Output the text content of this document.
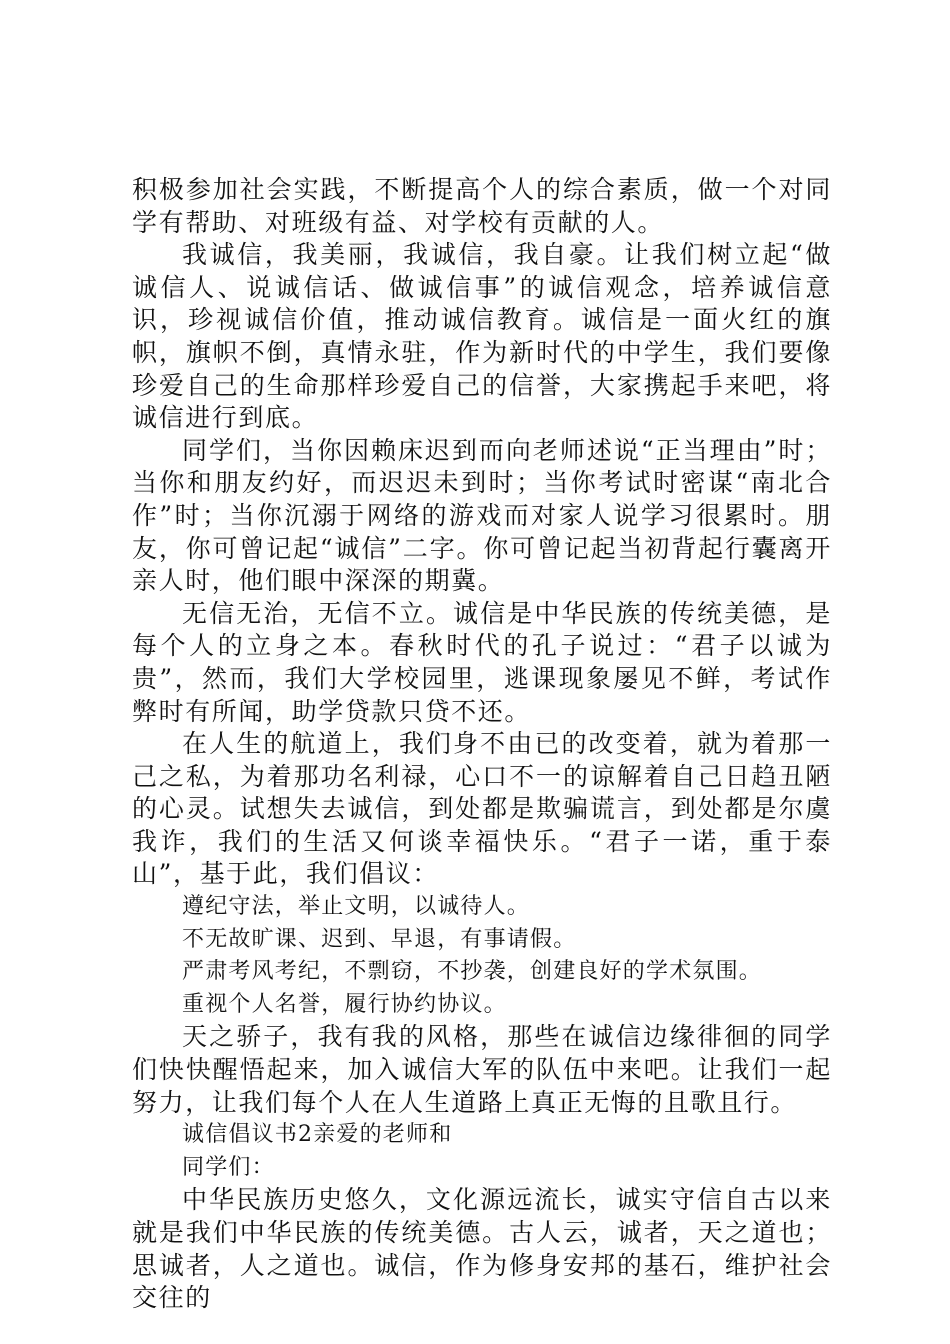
积极参加社会实践，不断提高个人的综合素质，做一个对同学有帮助、对班级有益、对学校有贡献的人。

我诚信，我美丽，我诚信，我自豪。让我们树立起“做诚信人、说诚信话、做诚信事”的诚信观念，培养诚信意识，珍视诚信价值，推动诚信教育。诚信是一面火红的旗帜，旗帜不倒，真情永驻，作为新时代的中学生，我们要像珍爱自己的生命那样珍爱自己的信誉，大家携起手来吧，将诚信进行到底。

同学们，当你因赖床迟到而向老师述说“正当理由”时；当你和朋友约好，而迟迟未到时；当你考试时密谋“南北合作”时；当你沉溺于网络的游戏而对家人说学习很累时。朋友，你可曾记起“诚信”二字。你可曾记起当初背起行囊离开亲人时，他们眼中深深的期冀。

无信无治，无信不立。诚信是中华民族的传统美德，是每个人的立身之本。春秋时代的孔子说过：“君子以诚为贵”，然而，我们大学校园里，逃课现象屡见不鲜，考试作弊时有所闻，助学贷款只贷不还。

在人生的航道上，我们身不由已的改变着，就为着那一己之私，为着那功名利禄，心口不一的谅解着自己日趋丑陋的心灵。试想失去诚信，到处都是欺骗谎言，到处都是尔虞我诈，我们的生活又何谈幸福快乐。“君子一诺，重于泰山”，基于此，我们倡议：

遵纪守法，举止文明，以诚待人。

不无故旷课、迟到、早退，有事请假。

严肃考风考纪，不剽窃，不抄袭，创建良好的学术氛围。

重视个人名誉，履行协约协议。

天之骄子，我有我的风格，那些在诚信边缘徘徊的同学们快快醒悟起来，加入诚信大军的队伍中来吧。让我们一起努力，让我们每个人在人生道路上真正无悔的且歌且行。

诚信倡议书2亲爱的老师和

同学们：

中华民族历史悠久，文化源远流长，诚实守信自古以来就是我们中华民族的传统美德。古人云，诚者，天之道也；思诚者，人之道也。诚信，作为修身安邦的基石，维护社会交往的
